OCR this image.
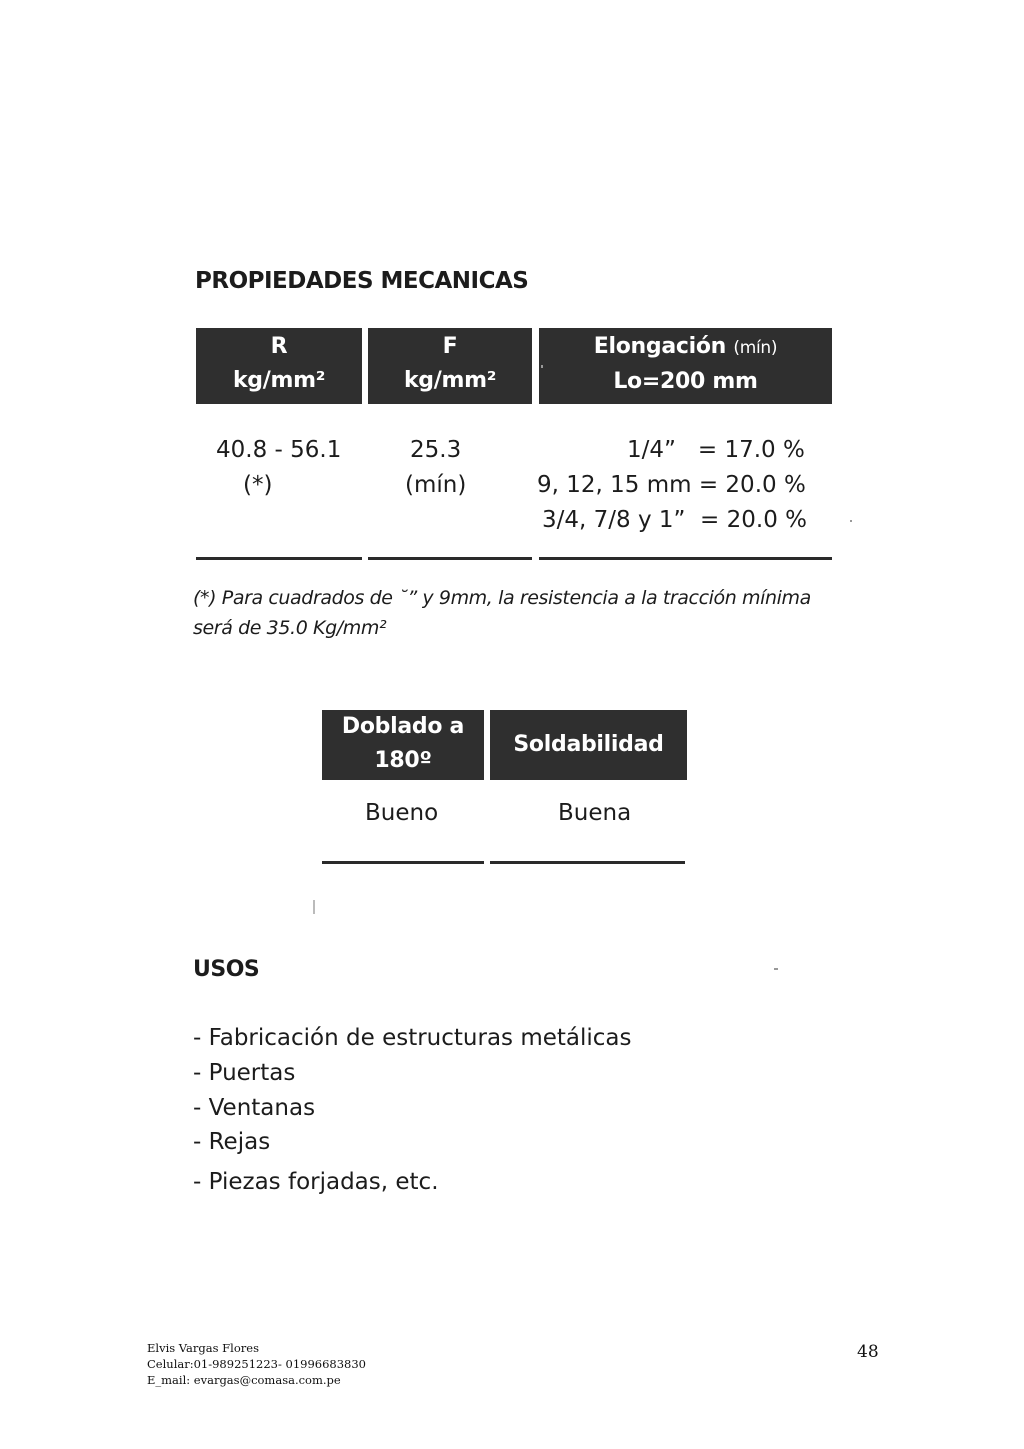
PROPIEDADES MECANICAS
R
kg/mm²
F
kg/mm²
Elongación (mín)
Lo=200 mm
40.8 - 56.1
(*)
25.3
(mín)
1/4”   = 17.0 %
9, 12, 15 mm = 20.0 %
3/4, 7/8 y 1”  = 20.0 %
(*) Para cuadrados de ˘” y 9mm, la resistencia a la tracción mínima
será de 35.0 Kg/mm²
Doblado a
180º
Soldabilidad
Bueno	Buena
USOS
- Fabricación de estructuras metálicas
- Puertas
- Ventanas
- Rejas
- Piezas forjadas, etc.
Elvis Vargas Flores
Celular:01-989251223- 01996683830
E_mail: evargas@comasa.com.pe
48
